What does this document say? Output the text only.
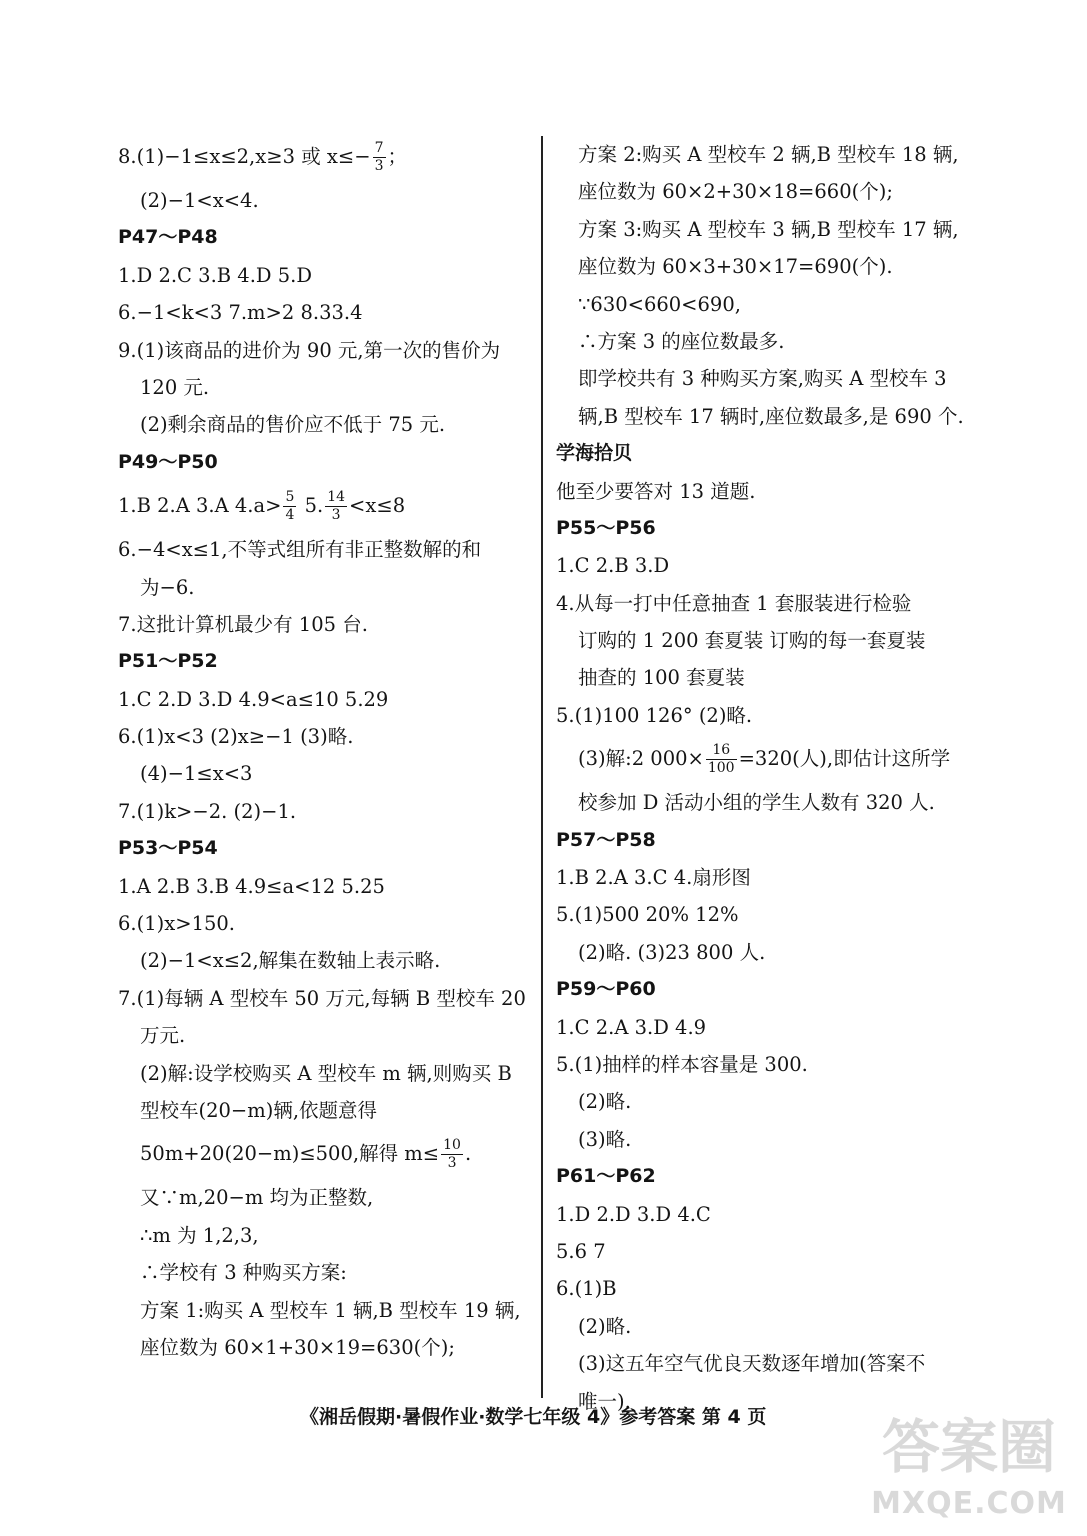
8.(1)−1≤x≤2,x≥3 或 $x\le- \frac{7}{3}$ ；
(2)−1<x<4.
P47～P48
1.D 2.C 3.B 4.D 5.D
6.−1<k<3 7.m>2 8.33.4
9.(1)该商品的进价为 90 元,第一次的售价为
120 元.
(2)剩余商品的售价应不低于 75 元.
P49～P50
1.B 2.A 3.A $4.a> \frac{5}{4} 5$. $\frac{14}{3} <x\le 8$
6.−4<x≤1,不等式组所有非正整数解的和
为−6.
7.这批计算机最少有 105 台.
P51～P52
1.C 2.D 3.D 4.9<a≤10 5.29
6.(1)x<3 (2)x≥−1 (3)略.
(4)−1≤x<3
7.(1)k>−2. (2)−1.
P53～P54
1.A 2.B 3.B 4.9≤a<12 5.25
6.(1)x>150.
(2)−1<x≤2,解集在数轴上表示略.
7.(1)每辆 A 型校车 50 万元,每辆 B 型校车 20
万元.
(2)解:设学校购买 A 型校车 m 辆,则购买 B
型校车(20−m)辆,依题意得
50m+20(20−m)≤500,解得 $m\le \frac{10}{3}$ .
又∵m,20−m 均为正整数,
∴m 为 1,2,3,
∴学校有 3 种购买方案:
方案 1:购买 A 型校车 1 辆,B 型校车 19 辆,
座位数为 60×1+30×19=630(个);
方案 2:购买 A 型校车 2 辆,B 型校车 18 辆,
座位数为 60×2+30×18=660(个);
方案 3:购买 A 型校车 3 辆,B 型校车 17 辆,
座位数为 60×3+30×17=690(个).
∵630<660<690,
∴方案 3 的座位数最多.
即学校共有 3 种购买方案,购买 A 型校车 3
辆,B 型校车 17 辆时,座位数最多,是 690 个.
学海拾贝
他至少要答对 13 道题.
P55～P56
1.C 2.B 3.D
4.从每一打中任意抽查 1 套服装进行检验
订购的 1 200 套夏装 订购的每一套夏装
抽查的 100 套夏装
5.(1)100 126° (2)略.
(3)解:2 $000\times \frac{16}{100} =320$(人),即估计这所学
校参加 D 活动小组的学生人数有 320 人.
P57～P58
1.B 2.A 3.C 4.扇形图
5.(1)500 20% 12%
(2)略. (3)23 800 人.
P59～P60
1.C 2.A 3.D 4.9
5.(1)抽样的样本容量是 300.
(2)略.
(3)略.
P61～P62
1.D 2.D 3.D 4.C
5.6 7
6.(1)B
(2)略.
(3)这五年空气优良天数逐年增加(答案不
唯一).
《湘岳假期·暑假作业·数学七年级 4》参考答案 第 4 页	答案圈
MXQE.COM
